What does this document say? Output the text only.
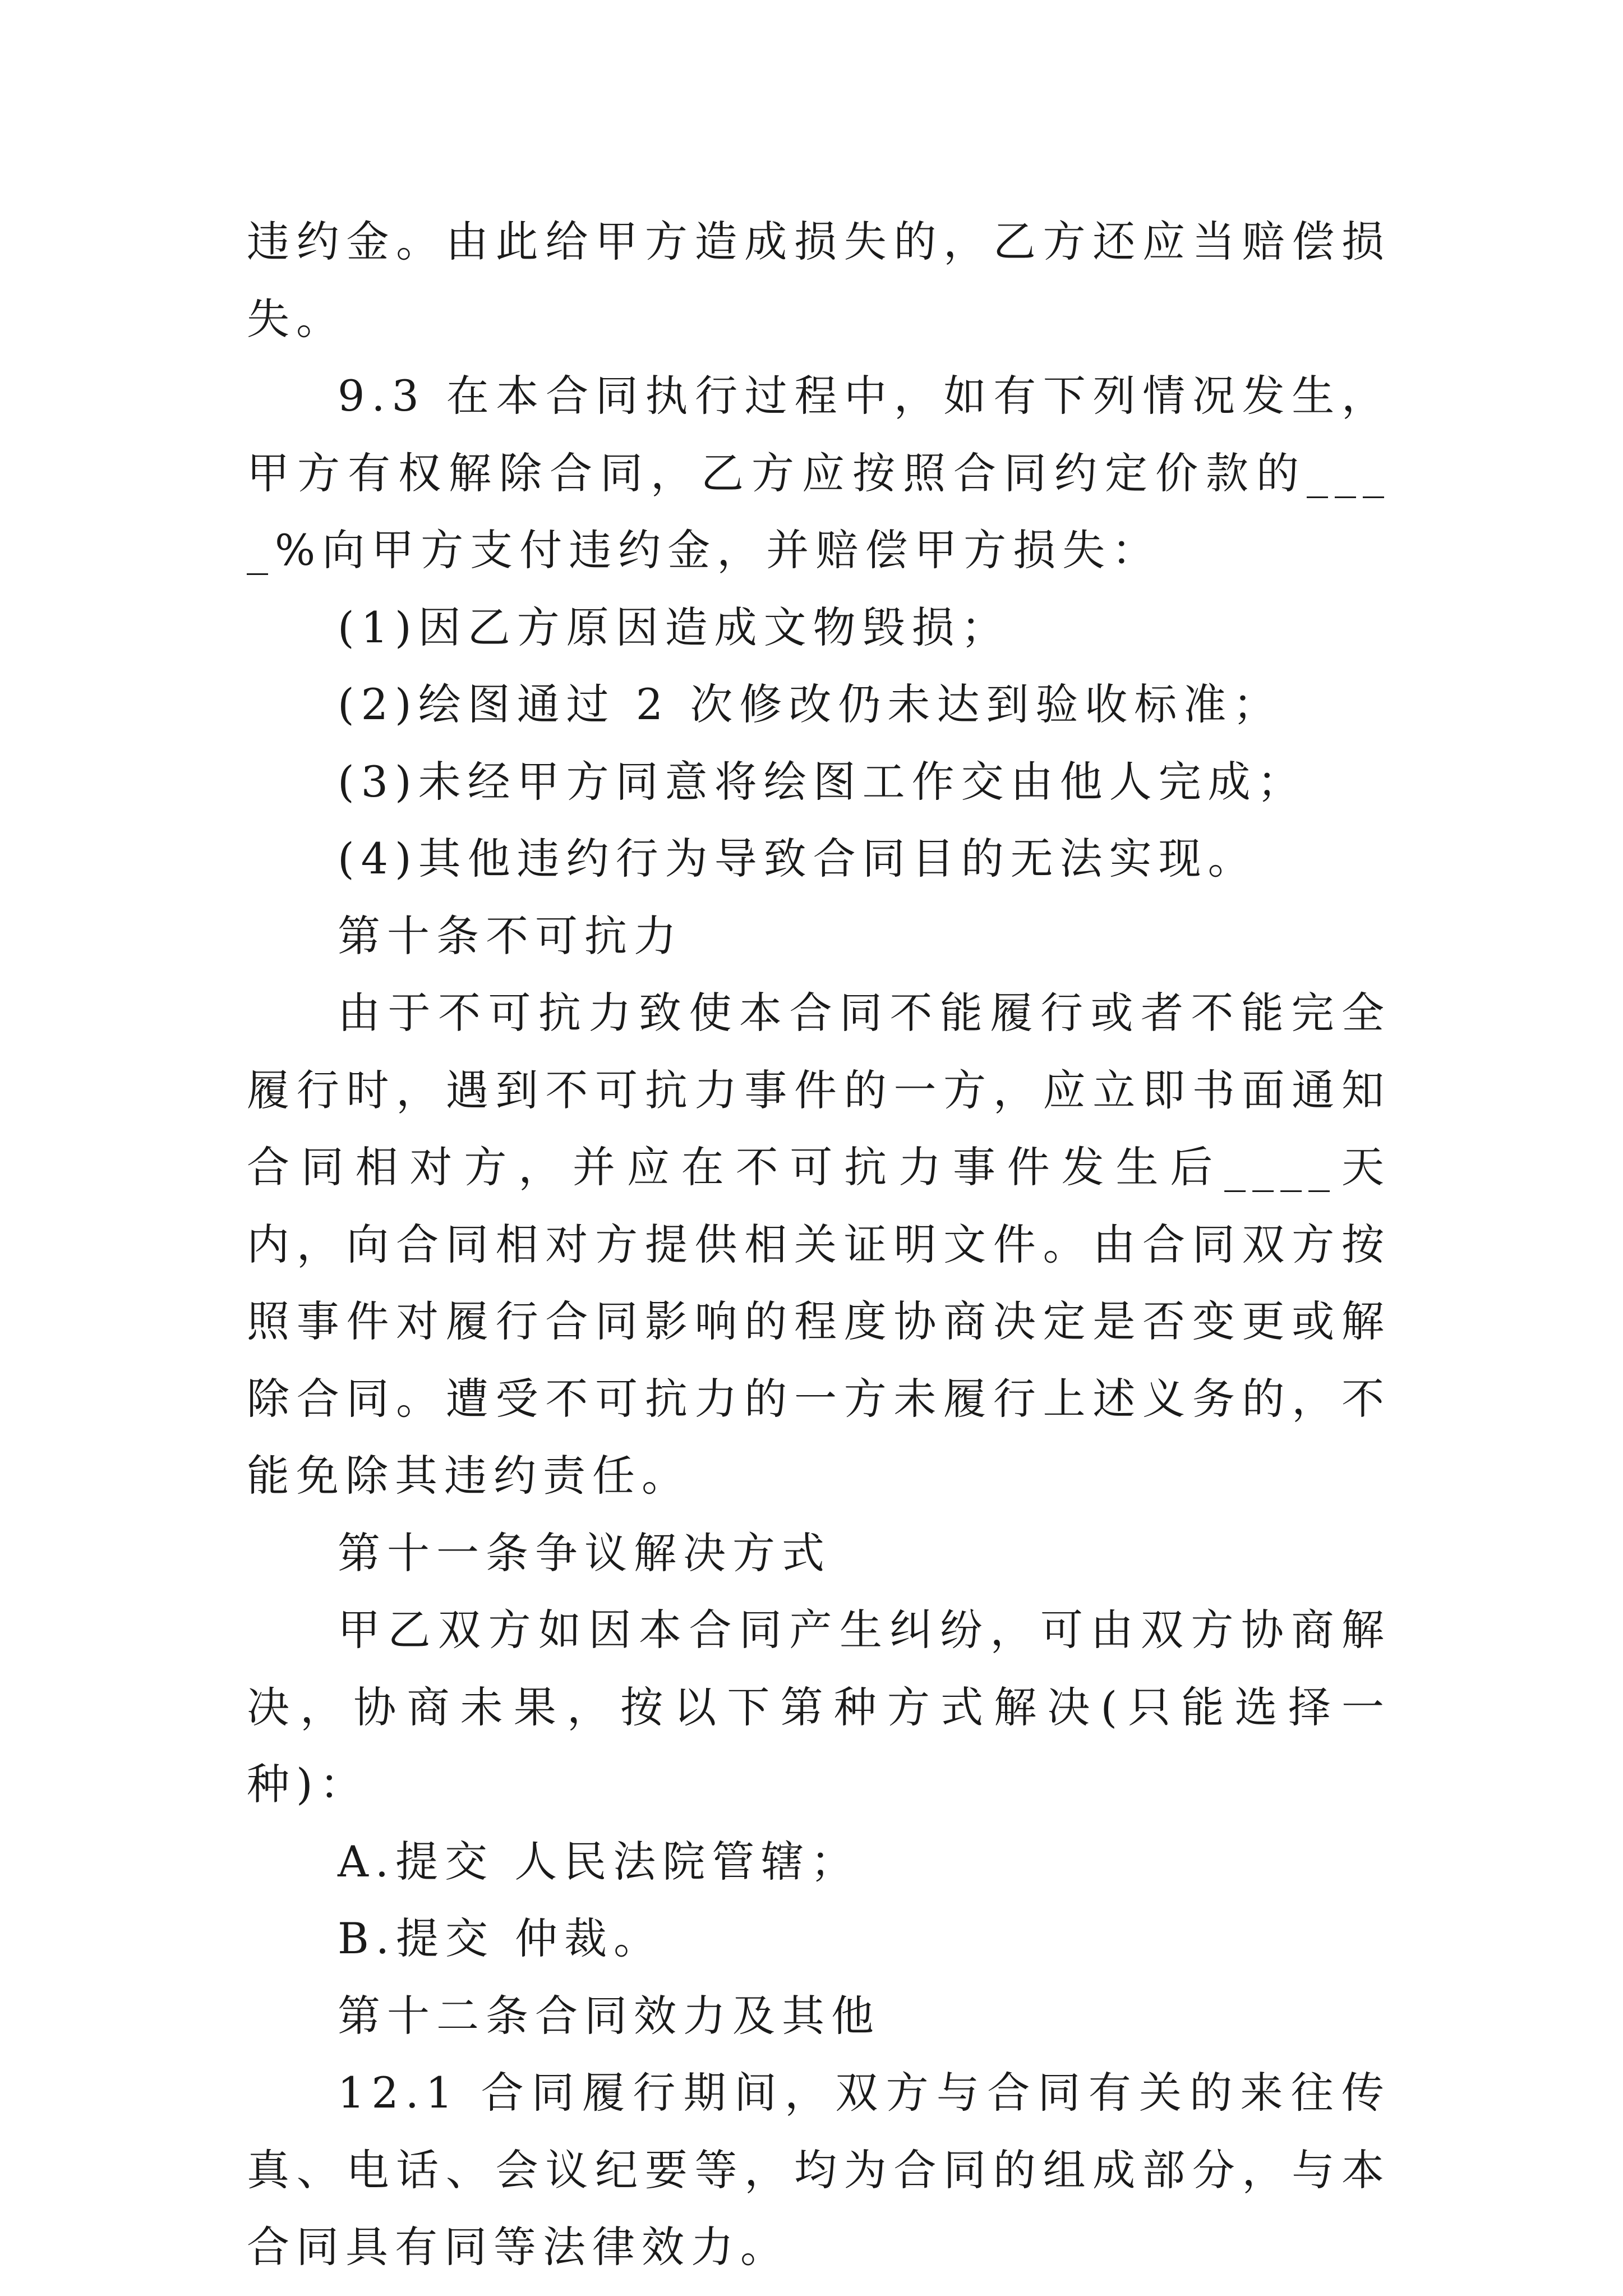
违约金。由此给甲方造成损失的，乙方还应当赔偿损失。

9.3 在本合同执行过程中，如有下列情况发生，甲方有权解除合同，乙方应按照合同约定价款的____%向甲方支付违约金，并赔偿甲方损失：

(1)因乙方原因造成文物毁损；

(2)绘图通过 2 次修改仍未达到验收标准；

(3)未经甲方同意将绘图工作交由他人完成；

(4)其他违约行为导致合同目的无法实现。

第十条不可抗力

由于不可抗力致使本合同不能履行或者不能完全履行时，遇到不可抗力事件的一方，应立即书面通知合同相对方，并应在不可抗力事件发生后____天内，向合同相对方提供相关证明文件。由合同双方按照事件对履行合同影响的程度协商决定是否变更或解除合同。遭受不可抗力的一方未履行上述义务的，不能免除其违约责任。

第十一条争议解决方式

甲乙双方如因本合同产生纠纷，可由双方协商解决，协商未果，按以下第种方式解决(只能选择一种)：

A.提交 人民法院管辖；

B.提交 仲裁。

第十二条合同效力及其他

12.1 合同履行期间，双方与合同有关的来往传真、电话、会议纪要等，均为合同的组成部分，与本合同具有同等法律效力。
